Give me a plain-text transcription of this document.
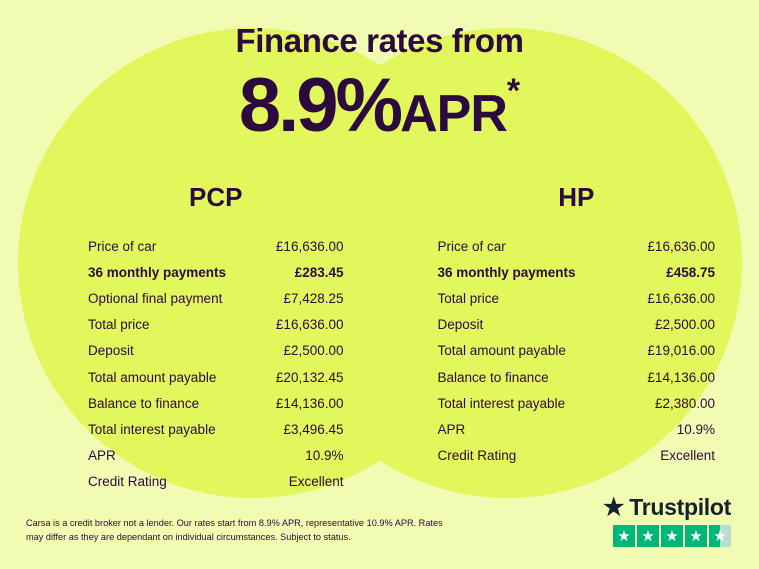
Finance rates from
8.9%APR*
PCP
Price of car	£16,636.00
36 monthly payments	£283.45
Optional final payment	£7,428.25
Total price	£16,636.00
Deposit	£2,500.00
Total amount payable	£20,132.45
Balance to finance	£14,136.00
Total interest payable	£3,496.45
APR	10.9%
Credit Rating	Excellent
HP
Price of car	£16,636.00
36 monthly payments	£458.75
Total price	£16,636.00
Deposit	£2,500.00
Total amount payable	£19,016.00
Balance to finance	£14,136.00
Total interest payable	£2,380.00
APR	10.9%
Credit Rating	Excellent
Carsa is a credit broker not a lender. Our rates start from 8.9% APR, representative 10.9% APR. Rates may differ as they are dependant on individual circumstances. Subject to status.
★ Trustpilot
★ ★ ★ ★ ★
